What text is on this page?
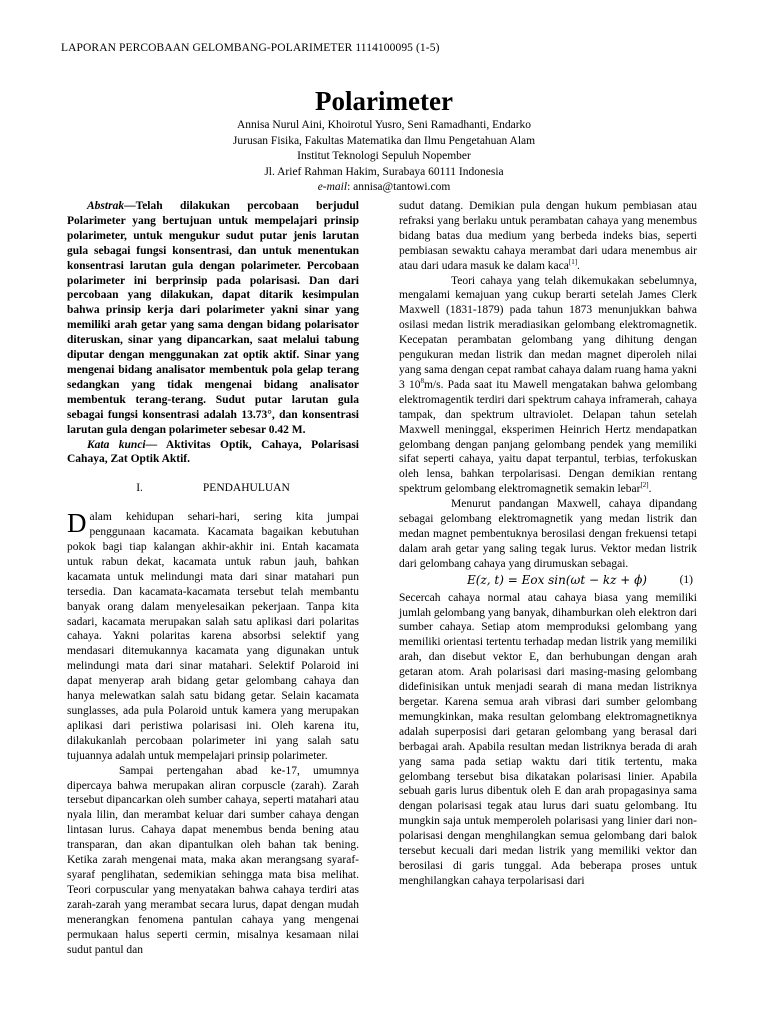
LAPORAN PERCOBAAN GELOMBANG-POLARIMETER 1114100095 (1-5)
Polarimeter
Annisa Nurul Aini, Khoirotul Yusro, Seni Ramadhanti, Endarko
Jurusan Fisika, Fakultas Matematika dan Ilmu Pengetahuan Alam
Institut Teknologi Sepuluh Nopember
Jl. Arief Rahman Hakim, Surabaya 60111 Indonesia
e-mail: annisa@tantowi.com

Abstrak—Telah dilakukan percobaan berjudul Polarimeter yang bertujuan untuk mempelajari prinsip polarimeter, untuk mengukur sudut putar jenis larutan gula sebagai fungsi konsentrasi, dan untuk menentukan konsentrasi larutan gula dengan polarimeter. Percobaan polarimeter ini berprinsip pada polarisasi. Dan dari percobaan yang dilakukan, dapat ditarik kesimpulan bahwa prinsip kerja dari polarimeter yakni sinar yang memiliki arah getar yang sama dengan bidang polarisator diteruskan, sinar yang dipancarkan, saat melalui tabung diputar dengan menggunakan zat optik aktif. Sinar yang mengenai bidang analisator membentuk pola gelap terang sedangkan yang tidak mengenai bidang analisator membentuk terang-terang. Sudut putar larutan gula sebagai fungsi konsentrasi adalah 13.73°, dan konsentrasi larutan gula dengan polarimeter sebesar 0.42 M.

Kata kunci— Aktivitas Optik, Cahaya, Polarisasi Cahaya, Zat Optik Aktif.

I.	PENDAHULUAN

Dalam kehidupan sehari-hari, sering kita jumpai penggunaan kacamata. Kacamata bagaikan kebutuhan pokok bagi tiap kalangan akhir-akhir ini. Entah kacamata untuk rabun dekat, kacamata untuk rabun jauh, bahkan kacamata untuk melindungi mata dari sinar matahari pun tersedia. Dan kacamata-kacamata tersebut telah membantu banyak orang dalam menyelesaikan pekerjaan. Tanpa kita sadari, kacamata merupakan salah satu aplikasi dari polaritas cahaya. Yakni polaritas karena absorbsi selektif yang mendasari ditemukannya kacamata yang digunakan untuk melindungi mata dari sinar matahari. Selektif Polaroid ini dapat menyerap arah bidang getar gelombang cahaya dan hanya melewatkan salah satu bidang getar. Selain kacamata sunglasses, ada pula Polaroid untuk kamera yang merupakan aplikasi dari peristiwa polarisasi ini. Oleh karena itu, dilakukanlah percobaan polarimeter ini yang salah satu tujuannya adalah untuk mempelajari prinsip polarimeter.

Sampai pertengahan abad ke-17, umumnya dipercaya bahwa merupakan aliran corpuscle (zarah). Zarah tersebut dipancarkan oleh sumber cahaya, seperti matahari atau nyala lilin, dan merambat keluar dari sumber cahaya dengan lintasan lurus. Cahaya dapat menembus benda bening atau transparan, dan akan dipantulkan oleh bahan tak bening. Ketika zarah mengenai mata, maka akan merangsang syaraf-syaraf penglihatan, sedemikian sehingga mata bisa melihat. Teori corpuscular yang menyatakan bahwa cahaya terdiri atas zarah-zarah yang merambat secara lurus, dapat dengan mudah menerangkan fenomena pantulan cahaya yang mengenai permukaan halus seperti cermin, misalnya kesamaan nilai sudut pantul dan

sudut datang. Demikian pula dengan hukum pembiasan atau refraksi yang berlaku untuk perambatan cahaya yang menembus bidang batas dua medium yang berbeda indeks bias, seperti pembiasan sewaktu cahaya merambat dari udara menembus air atau dari udara masuk ke dalam kaca[1].

Teori cahaya yang telah dikemukakan sebelumnya, mengalami kemajuan yang cukup berarti setelah James Clerk Maxwell (1831-1879) pada tahun 1873 menunjukkan bahwa osilasi medan listrik meradiasikan gelombang elektromagnetik. Kecepatan perambatan gelombang yang dihitung dengan pengukuran medan listrik dan medan magnet diperoleh nilai yang sama dengan cepat rambat cahaya dalam ruang hama yakni 3 $10^8m/s$. Pada saat itu Mawell mengatakan bahwa gelombang elektromagentik terdiri dari spektrum cahaya inframerah, cahaya tampak, dan spektrum ultraviolet. Delapan tahun setelah Maxwell meninggal, eksperimen Heinrich Hertz mendapatkan gelombang dengan panjang gelombang pendek yang memiliki sifat seperti cahaya, yaitu dapat terpantul, terbias, terfokuskan oleh lensa, bahkan terpolarisasi. Dengan demikian rentang spektrum gelombang elektromagnetik semakin lebar[2].

Menurut pandangan Maxwell, cahaya dipandang sebagai gelombang elektromagnetik yang medan listrik dan medan magnet pembentuknya berosilasi dengan frekuensi tetapi dalam arah getar yang saling tegak lurus. Vektor medan listrik dari gelombang cahaya yang dirumuskan sebagai.

E(z, t) = Eox sin(ωt − kz + ϕ)	(1)

Secercah cahaya normal atau cahaya biasa yang memiliki jumlah gelombang yang banyak, dihamburkan oleh elektron dari sumber cahaya. Setiap atom memproduksi gelombang yang memiliki orientasi tertentu terhadap medan listrik yang memiliki arah, dan disebut vektor E, dan berhubungan dengan arah getaran atom. Arah polarisasi dari masing-masing gelombang didefinisikan untuk menjadi searah di mana medan listriknya bergetar. Karena semua arah vibrasi dari sumber gelombang memungkinkan, maka resultan gelombang elektromagnetiknya adalah superposisi dari getaran gelombang yang berasal dari berbagai arah. Apabila resultan medan listriknya berada di arah yang sama pada setiap waktu dari titik tertentu, maka gelombang tersebut bisa dikatakan polarisasi linier. Apabila sebuah garis lurus dibentuk oleh E dan arah propagasinya sama dengan polarisasi tegak atau lurus dari suatu gelombang. Itu mungkin saja untuk memperoleh polarisasi yang linier dari non-polarisasi dengan menghilangkan semua gelombang dari balok tersebut kecuali dari medan listrik yang memiliki vektor dan berosilasi di garis tunggal. Ada beberapa proses untuk menghilangkan cahaya terpolarisasi dari
